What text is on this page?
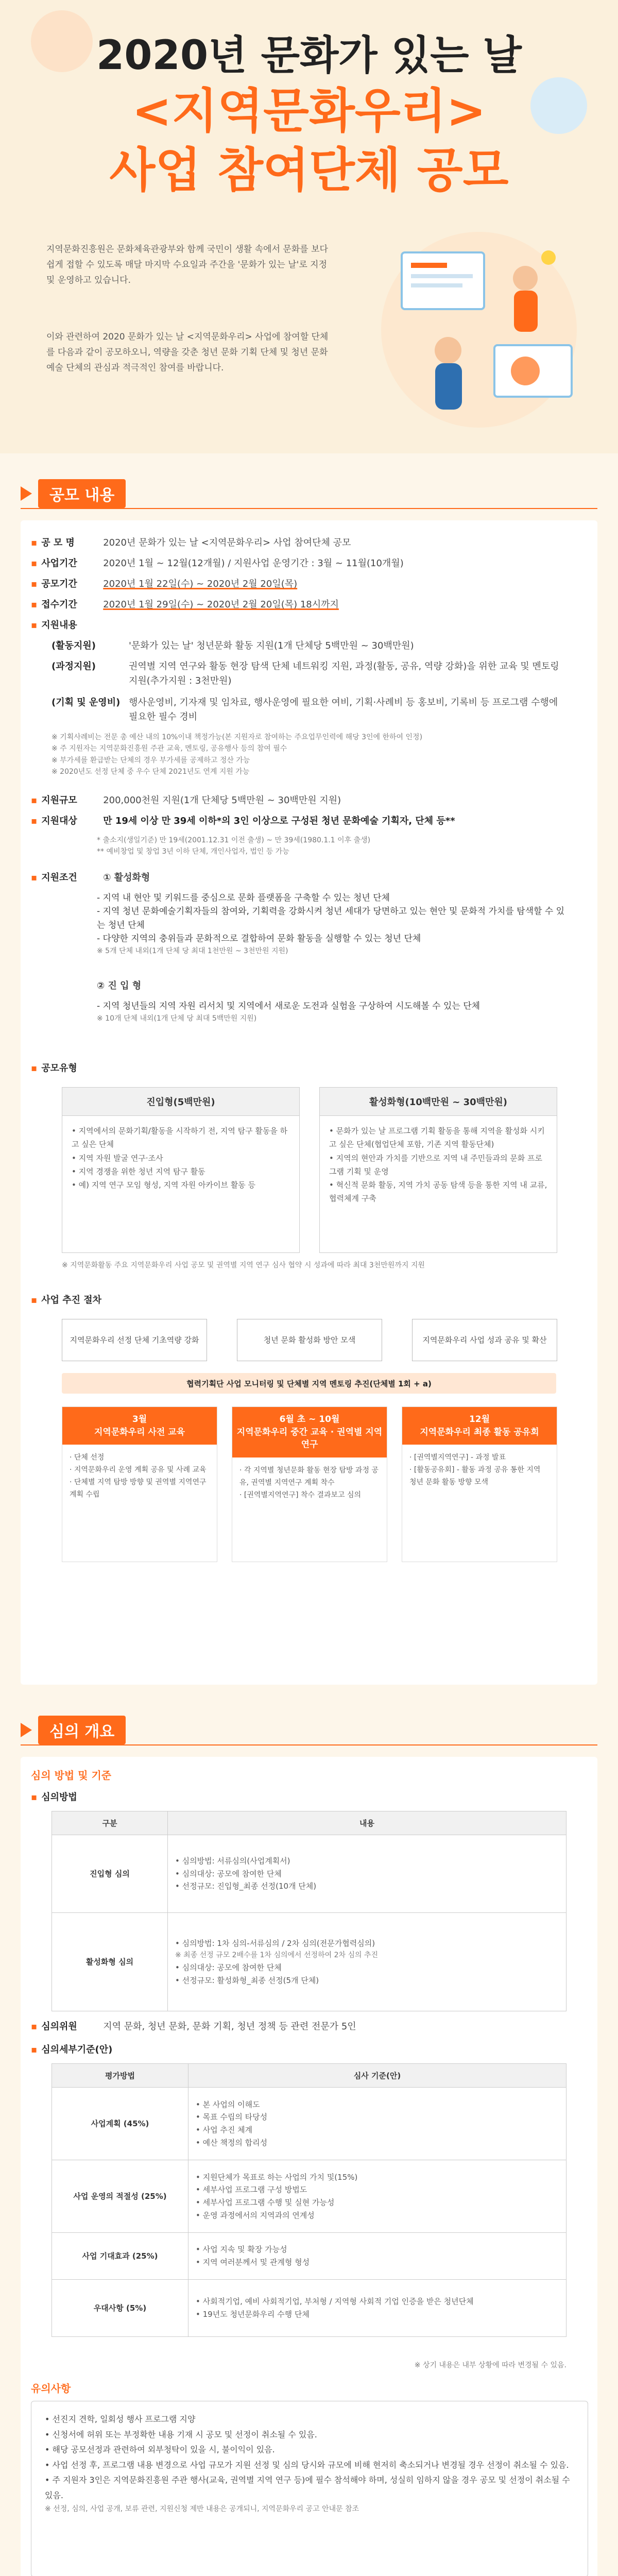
2020년 문화가 있는 날
<지역문화우리>
사업 참여단체 공모
지역문화진흥원은 문화체육관광부와 함께 국민이 생활 속에서 문화를 보다 쉽게 접할 수 있도록 매달 마지막 수요일과 주간을 '문화가 있는 날'로 지정 및 운영하고 있습니다.
이와 관련하여 2020 문화가 있는 날 <지역문화우리> 사업에 참여할 단체를 다음과 같이 공모하오니, 역량을 갖춘 청년 문화 기획 단체 및 청년 문화예술 단체의 관심과 적극적인 참여를 바랍니다.
공모 내용
▪ 공 모 명	2020년 문화가 있는 날 <지역문화우리> 사업 참여단체 공모
▪ 사업기간	2020년 1월 ~ 12월(12개월) / 지원사업 운영기간 : 3월 ~ 11월(10개월)
▪ 공모기간	2020년 1월 22일(수) ~ 2020년 2월 20일(목)
▪ 접수기간	2020년 1월 29일(수) ~ 2020년 2월 20일(목) 18시까지
▪ 지원내용
(활동지원)	'문화가 있는 날' 청년문화 활동 지원(1개 단체당 5백만원 ~ 30백만원)
(과정지원)	권역별 지역 연구와 활동 현장 탐색 단체 네트워킹 지원, 과정(활동, 공유, 역량 강화)을 위한 교육 및 멘토링 지원(추가지원 : 3천만원)
(기획 및 운영비) 행사운영비, 기자재 및 임차료, 행사운영에 필요한 여비, 기획·사례비 등 홍보비, 기록비 등 프로그램 수행에 필요한 필수 경비
※ 기획사례비는 전문 총 예산 내의 10%이내 책정가능(본 지원자로 참여하는 주요업무인력에 해당 3인에 한하여 인정)
※ 주 지원자는 지역문화진흥원 주관 교육, 멘토링, 공유행사 등의 참여 필수
※ 부가세를 환급받는 단체의 경우 부가세를 공제하고 정산 가능
※ 2020년도 선정 단체 중 우수 단체 2021년도 연계 지원 가능
▪ 지원규모	200,000천원 지원(1개 단체당 5백만원 ~ 30백만원 지원)
▪ 지원대상	만 19세 이상 만 39세 이하*의 3인 이상으로 구성된 청년 문화예술 기획자, 단체 등**
* 출소지(생일기준) 만 19세(2001.12.31 이전 출생) ~ 만 39세(1980.1.1 이후 출생)
** 예비창업 및 창업 3년 이하 단체, 개인사업자, 법인 등 가능
▪ 지원조건	① 활성화형
- 지역 내 현안 및 키워드를 중심으로 문화 플랫폼을 구축할 수 있는 청년 단체
- 지역 청년 문화예술기획자들의 참여와, 기획력을 강화시켜 청년 세대가 당면하고 있는 현안 및 문화적 가치를 탐색할 수 있는 청년 단체
- 다양한 지역의 충위들과 문화적으로 결합하여 문화 활동을 실행할 수 있는 청년 단체
※ 5개 단체 내외(1개 단체 당 최대 1천만원 ~ 3천만원 지원)
② 진 입 형
- 지역 청년들의 지역 자원 리서치 및 지역에서 새로운 도전과 실험을 구상하여 시도해볼 수 있는 단체
※ 10개 단체 내외(1개 단체 당 최대 5백만원 지원)
▪ 공모유형
진입형(5백만원)
• 지역에서의 문화기획/활동을 시작하기 전, 지역 탐구 활동을 하고 싶은 단체
• 지역 자원 발굴 연구·조사
• 지역 경쟁을 위한 청년 지역 탐구 활동
• 예) 지역 연구 모임 형성, 지역 자원 아카이브 활동 등
활성화형(10백만원 ~ 30백만원)
• 문화가 있는 날 프로그램 기획 활동을 통해 지역을 활성화 시키고 싶은 단체(협업단체 포함, 기존 지역 활동단체)
• 지역의 현안과 가치를 기반으로 지역 내 주민들과의 문화 프로그램 기획 및 운영
• 혁신적 문화 활동, 지역 가치 공동 탐색 등을 통한 지역 내 교류, 협력체계 구축
※ 지역문화활동 주요 지역문화우리 사업 공모 및 권역별 지역 연구 심사 협약 시 성과에 따라 최대 3천만원까지 지원
▪ 사업 추진 절차
지역문화우리 선정 단체 기초역량 강화	청년 문화 활성화 방안 모색	지역문화우리 사업 성과 공유 및 확산
협력기획단 사업 모니터링 및 단체별 지역 멘토링 추진(단체별 1회 + a)
3월
지역문화우리 사전 교육
· 단체 선정
· 지역문화우리 운영 계획 공유 및 사례 교육
· 단체별 지역 탐방 방향 및 권역별 지역연구 계획 수립
6월 초 ~ 10월
지역문화우리 중간 교육 · 권역별 지역 연구
· 각 지역별 청년문화 활동 현장 탐방 과정 공유, 권역별 지역연구 계획 착수
· [권역별지역연구] 착수 결과보고 심의
12월
지역문화우리 최종 활동 공유회
· [권역별지역연구] - 과정 발표
· [활동공유회] - 활동 과정 공유 통한 지역 청년 문화 활동 방향 모색
심의 개요
심의 방법 및 기준
▪ 심의방법
구분	내용
진입형 심의	• 심의방법: 서류심의(사업계획서)
• 심의대상: 공모에 참여한 단체
• 선정규모: 진입형_최종 선정(10개 단체)

활성화형 심의	• 심의방법: 1차 심의-서류심의 / 2차 심의(전문가협력심의)
※ 최종 선정 규모 2배수를 1차 심의에서 선정하여 2차 심의 추진
• 심의대상: 공모에 참여한 단체
• 선정규모: 활성화형_최종 선정(5개 단체)
▪ 심의위원	지역 문화, 청년 문화, 문화 기획, 청년 정책 등 관련 전문가 5인
▪ 심의세부기준(안)
평가방법	심사 기준(안)
사업계획 (45%)	• 본 사업의 이해도
• 목표 수립의 타당성
• 사업 추진 체계
• 예산 책정의 합리성

사업 운영의 적절성 (25%)	• 지원단체가 목표로 하는 사업의 가치 및(15%)
• 세부사업 프로그램 구성 방법도
• 세부사업 프로그램 수행 및 실현 가능성
• 운영 과정에서의 지역과의 연계성

사업 기대효과 (25%)	• 사업 지속 및 확장 가능성
• 지역 여러분께서 및 관계형 형성

우대사항 (5%)	• 사회적기업, 예비 사회적기업, 부처형 / 지역형 사회적 기업 인증을 받은 청년단체
• 19년도 청년문화우리 수행 단체
※ 상기 내용은 내부 상황에 따라 변경될 수 있음.
유의사항
• 선진지 견학, 일회성 행사 프로그램 지양
• 신청서에 허위 또는 부정확한 내용 기재 시 공모 및 선정이 취소될 수 있음.
• 해당 공모선정과 관련하여 외부청탁이 있을 시, 불이익이 있음.
• 사업 선정 후, 프로그램 내용 변경으로 사업 규모가 지원 선정 및 심의 당시와 규모에 비해 현저히 축소되거나 변경될 경우 선정이 취소될 수 있음.
• 주 지원자 3인은 지역문화진흥원 주관 행사(교육, 권역별 지역 연구 등)에 필수 참석해야 하며, 성실히 임하지 않을 경우 공모 및 선정이 취소될 수 있음.
※ 선정, 심의, 사업 공개, 보류 관련, 지원신청 제반 내용은 공개되니, 지역문화우리 공고 안내문 참조
